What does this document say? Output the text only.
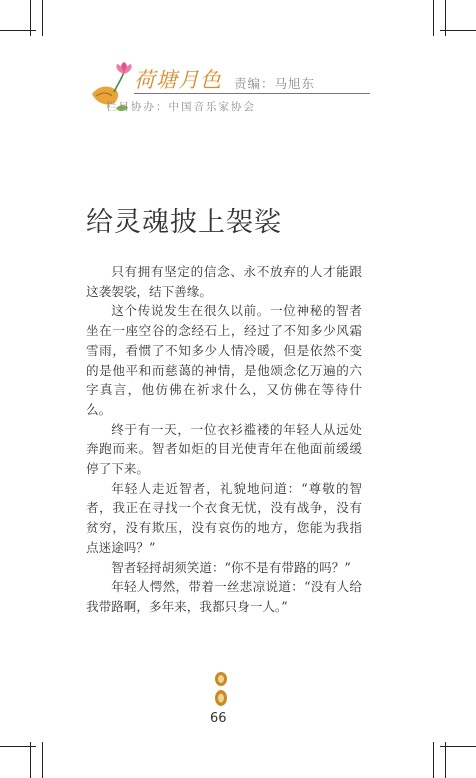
荷塘月色 责编：马旭东
栏目协办：中国音乐家协会
给灵魂披上袈裟

只有拥有坚定的信念、永不放弃的人才能跟这袭袈裟，结下善缘。

这个传说发生在很久以前。一位神秘的智者坐在一座空谷的念经石上，经过了不知多少风霜雪雨，看惯了不知多少人情冷暖，但是依然不变的是他平和而慈蔼的神情，是他颂念亿万遍的六字真言，他仿佛在祈求什么，又仿佛在等待什么。

终于有一天，一位衣衫褴褛的年轻人从远处奔跑而来。智者如炬的目光使青年在他面前缓缓停了下来。

年轻人走近智者，礼貌地问道：“尊敬的智者，我正在寻找一个衣食无忧，没有战争，没有贫穷，没有欺压，没有哀伤的地方，您能为我指点迷途吗？”

智者轻捋胡须笑道：“你不是有带路的吗？”

年轻人愕然，带着一丝悲凉说道：“没有人给我带路啊，多年来，我都只身一人。”

66
